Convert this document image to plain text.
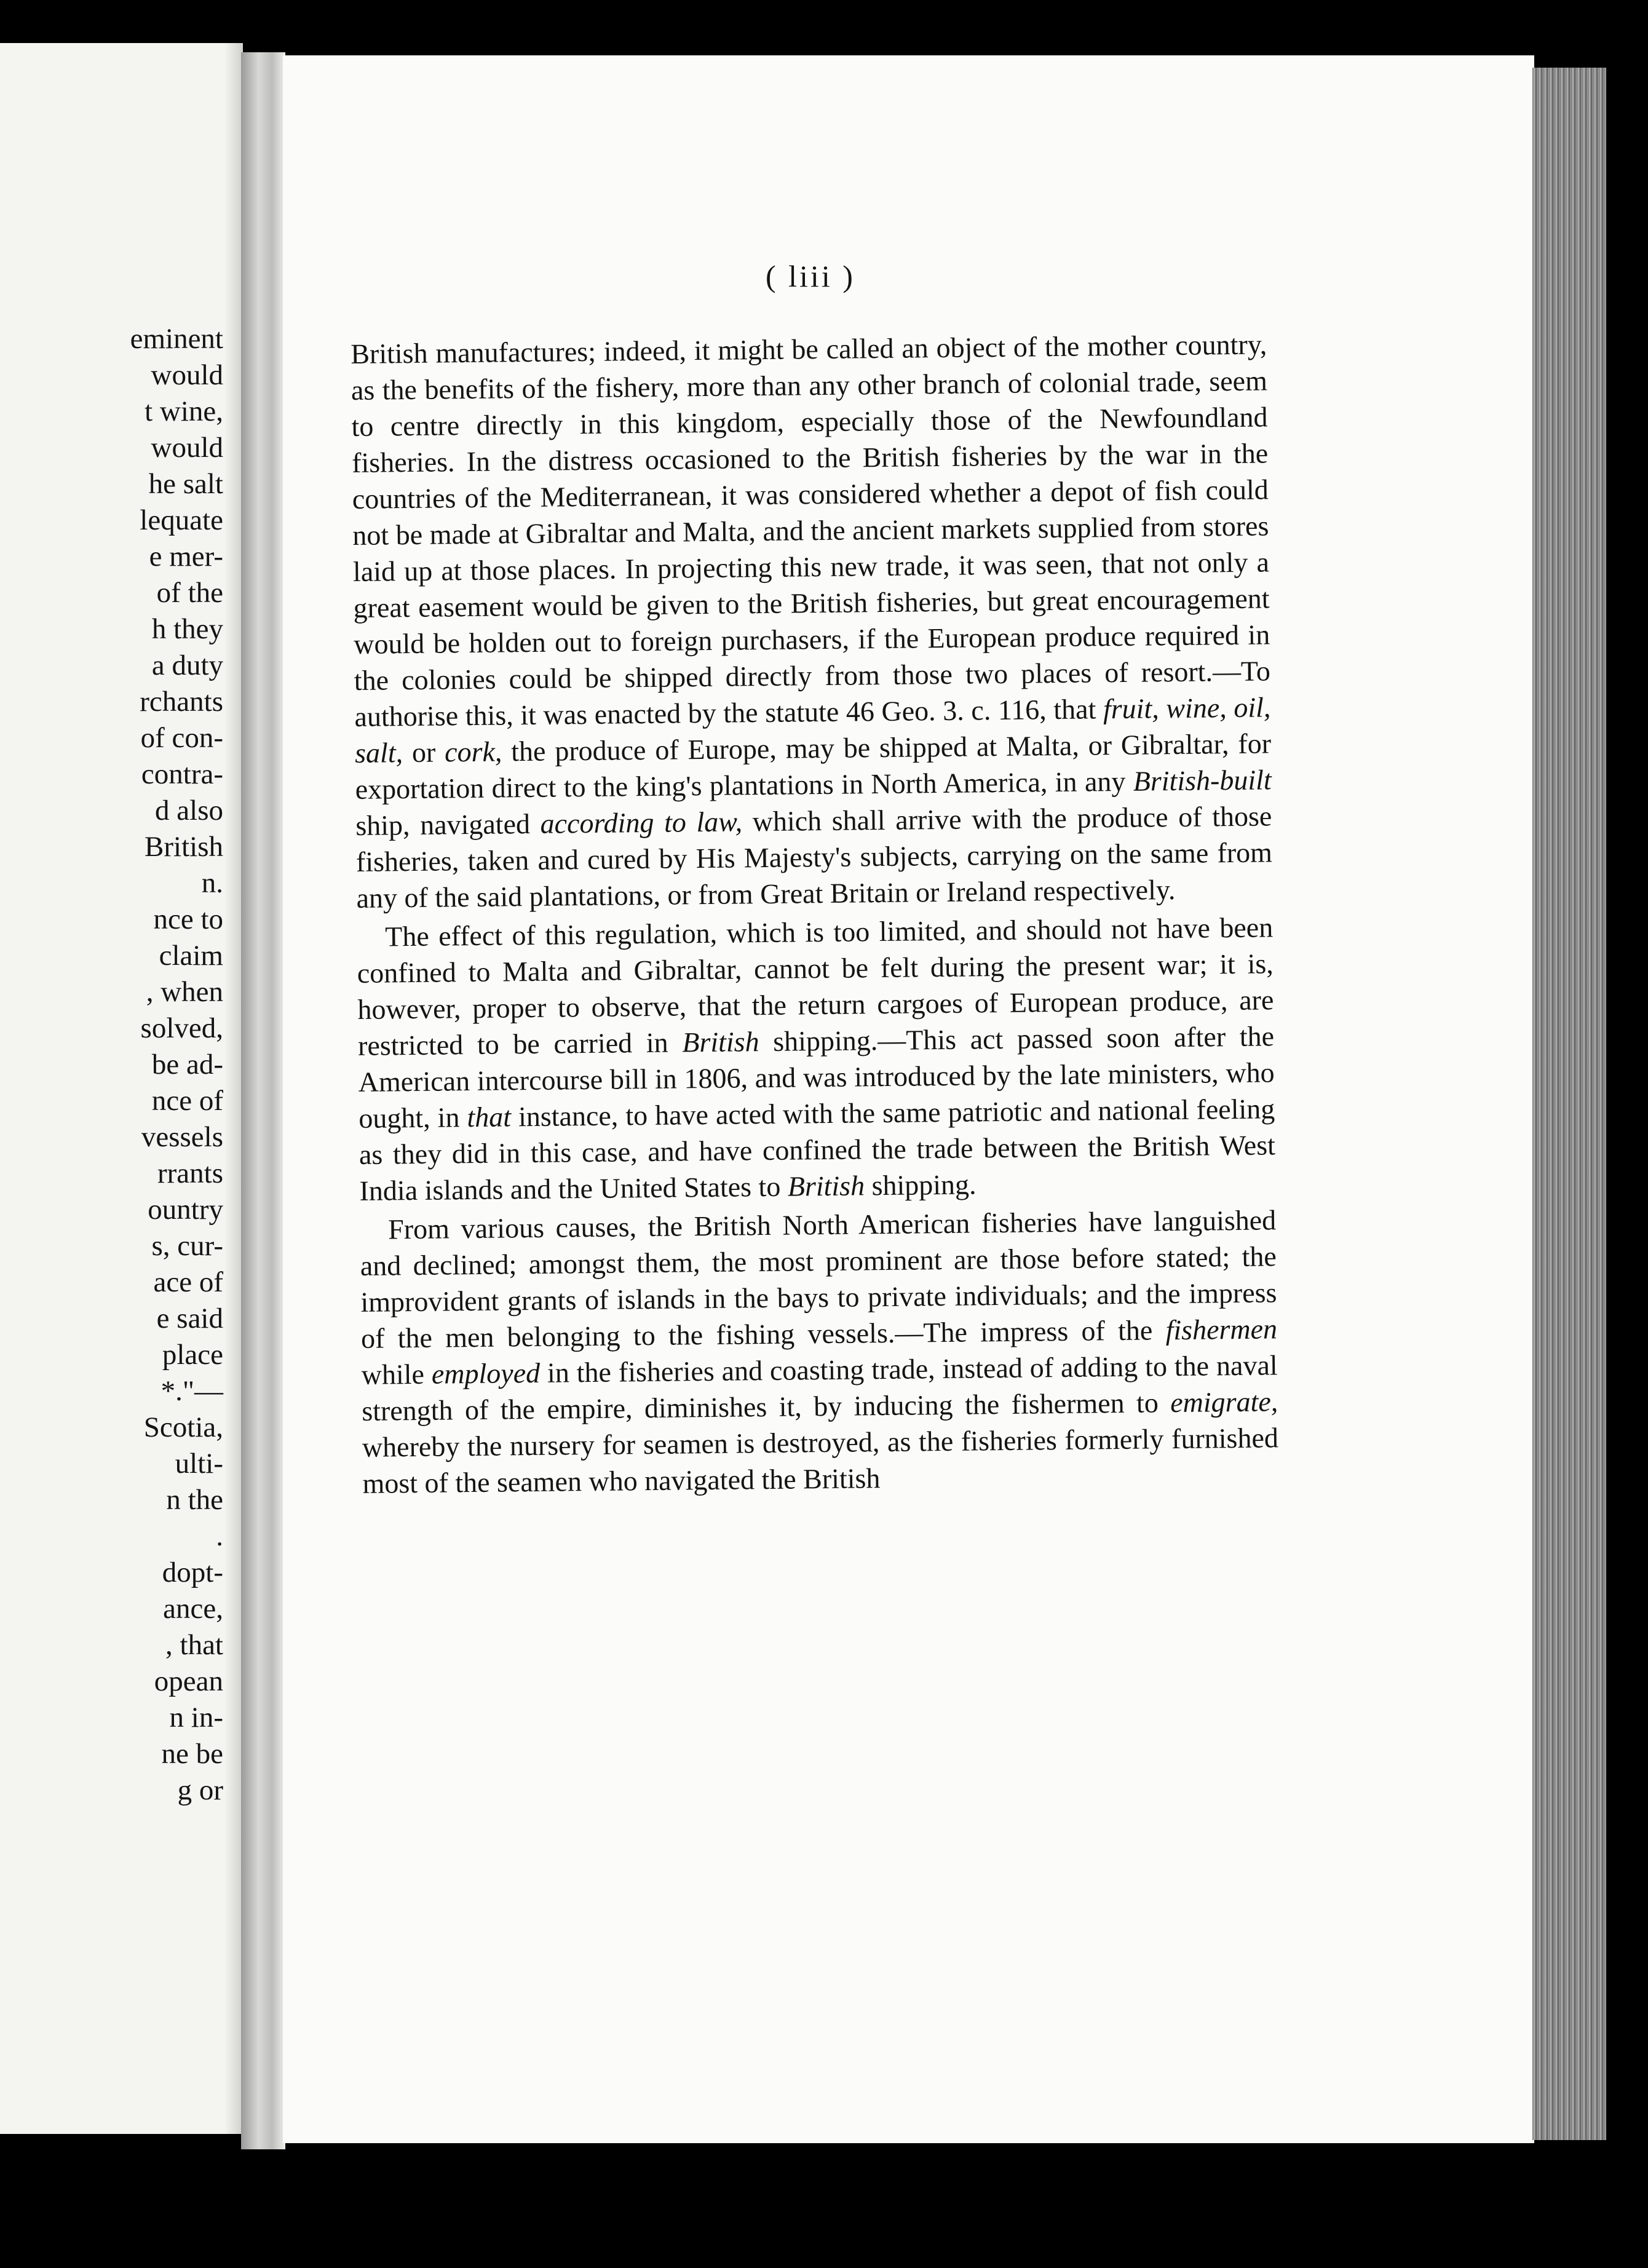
eminent
would
t wine,
would
he salt
lequate
e mer-
of the
h they
a duty
rchants
of con-
contra-
d also
British
n.
nce to
claim
, when
solved,
be ad-
nce of
vessels
rrants
ountry
s, cur-
ace of
e said
place
*."—
Scotia,
ulti-
n the
.
dopt-
ance,
, that
opean
n in-
ne be
g or
( liii )

British manufactures; indeed, it might be called an object of the mother country, as the benefits of the fishery, more than any other branch of colonial trade, seem to centre directly in this kingdom, especially those of the Newfoundland fisheries. In the distress occasioned to the British fisheries by the war in the countries of the Mediterranean, it was considered whether a depot of fish could not be made at Gibraltar and Malta, and the ancient markets supplied from stores laid up at those places. In projecting this new trade, it was seen, that not only a great easement would be given to the British fisheries, but great encouragement would be holden out to foreign purchasers, if the European produce required in the colonies could be shipped directly from those two places of resort.—To authorise this, it was enacted by the statute 46 Geo. 3. c. 116, that fruit, wine, oil, salt, or cork, the produce of Europe, may be shipped at Malta, or Gibraltar, for exportation direct to the king's plantations in North America, in any British-built ship, navigated according to law, which shall arrive with the produce of those fisheries, taken and cured by His Majesty's subjects, carrying on the same from any of the said plantations, or from Great Britain or Ireland respectively.

The effect of this regulation, which is too limited, and should not have been confined to Malta and Gibraltar, cannot be felt during the present war; it is, however, proper to observe, that the return cargoes of European produce, are restricted to be carried in British shipping.—This act passed soon after the American intercourse bill in 1806, and was introduced by the late ministers, who ought, in that instance, to have acted with the same patriotic and national feeling as they did in this case, and have confined the trade between the British West India islands and the United States to British shipping.

From various causes, the British North American fisheries have languished and declined; amongst them, the most prominent are those before stated; the improvident grants of islands in the bays to private individuals; and the impress of the men belonging to the fishing vessels.—The impress of the fishermen while employed in the fisheries and coasting trade, instead of adding to the naval strength of the empire, diminishes it, by inducing the fishermen to emigrate, whereby the nursery for seamen is destroyed, as the fisheries formerly furnished most of the seamen who navigated the British
